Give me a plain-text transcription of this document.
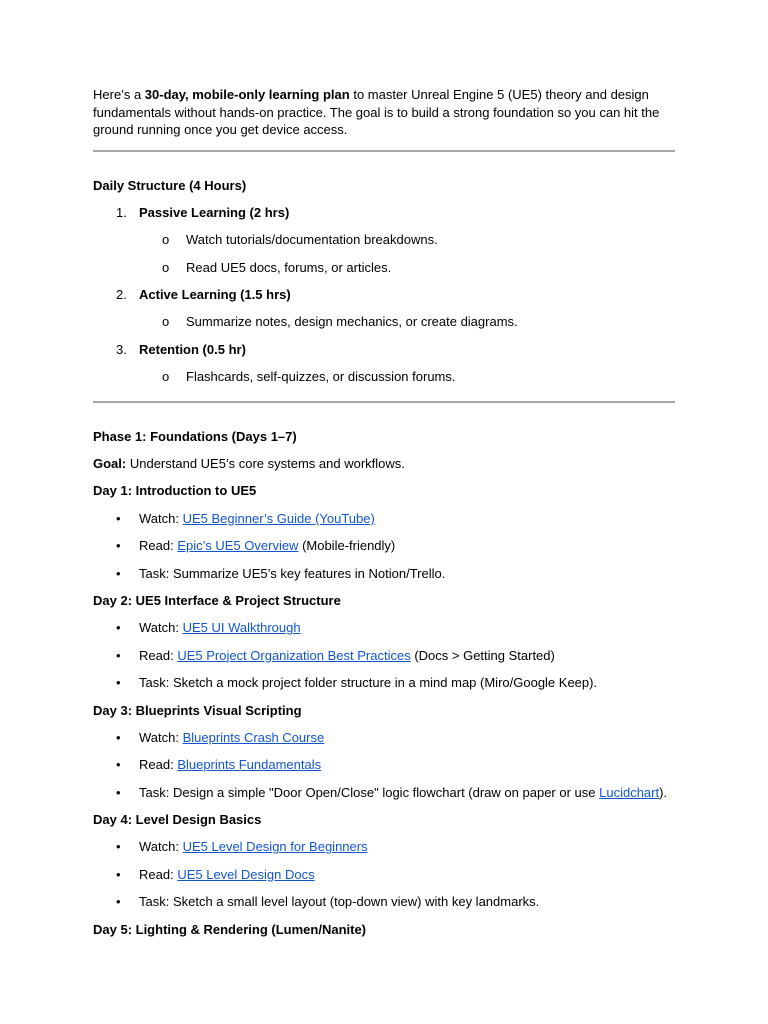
Here’s a 30-day, mobile-only learning plan to master Unreal Engine 5 (UE5) theory and design fundamentals without hands-on practice. The goal is to build a strong foundation so you can hit the ground running once you get device access.

Daily Structure (4 Hours)
1. Passive Learning (2 hrs)
o Watch tutorials/documentation breakdowns.
o Read UE5 docs, forums, or articles.
2. Active Learning (1.5 hrs)
o Summarize notes, design mechanics, or create diagrams.
3. Retention (0.5 hr)
o Flashcards, self-quizzes, or discussion forums.
Phase 1: Foundations (Days 1–7)
Goal: Understand UE5’s core systems and workflows.
Day 1: Introduction to UE5
• Watch: UE5 Beginner’s Guide (YouTube)
• Read: Epic’s UE5 Overview (Mobile-friendly)
• Task: Summarize UE5’s key features in Notion/Trello.
Day 2: UE5 Interface & Project Structure
• Watch: UE5 UI Walkthrough
• Read: UE5 Project Organization Best Practices (Docs > Getting Started)
• Task: Sketch a mock project folder structure in a mind map (Miro/Google Keep).
Day 3: Blueprints Visual Scripting
• Watch: Blueprints Crash Course
• Read: Blueprints Fundamentals
• Task: Design a simple "Door Open/Close" logic flowchart (draw on paper or use Lucidchart).
Day 4: Level Design Basics
• Watch: UE5 Level Design for Beginners
• Read: UE5 Level Design Docs
• Task: Sketch a small level layout (top-down view) with key landmarks.
Day 5: Lighting & Rendering (Lumen/Nanite)
